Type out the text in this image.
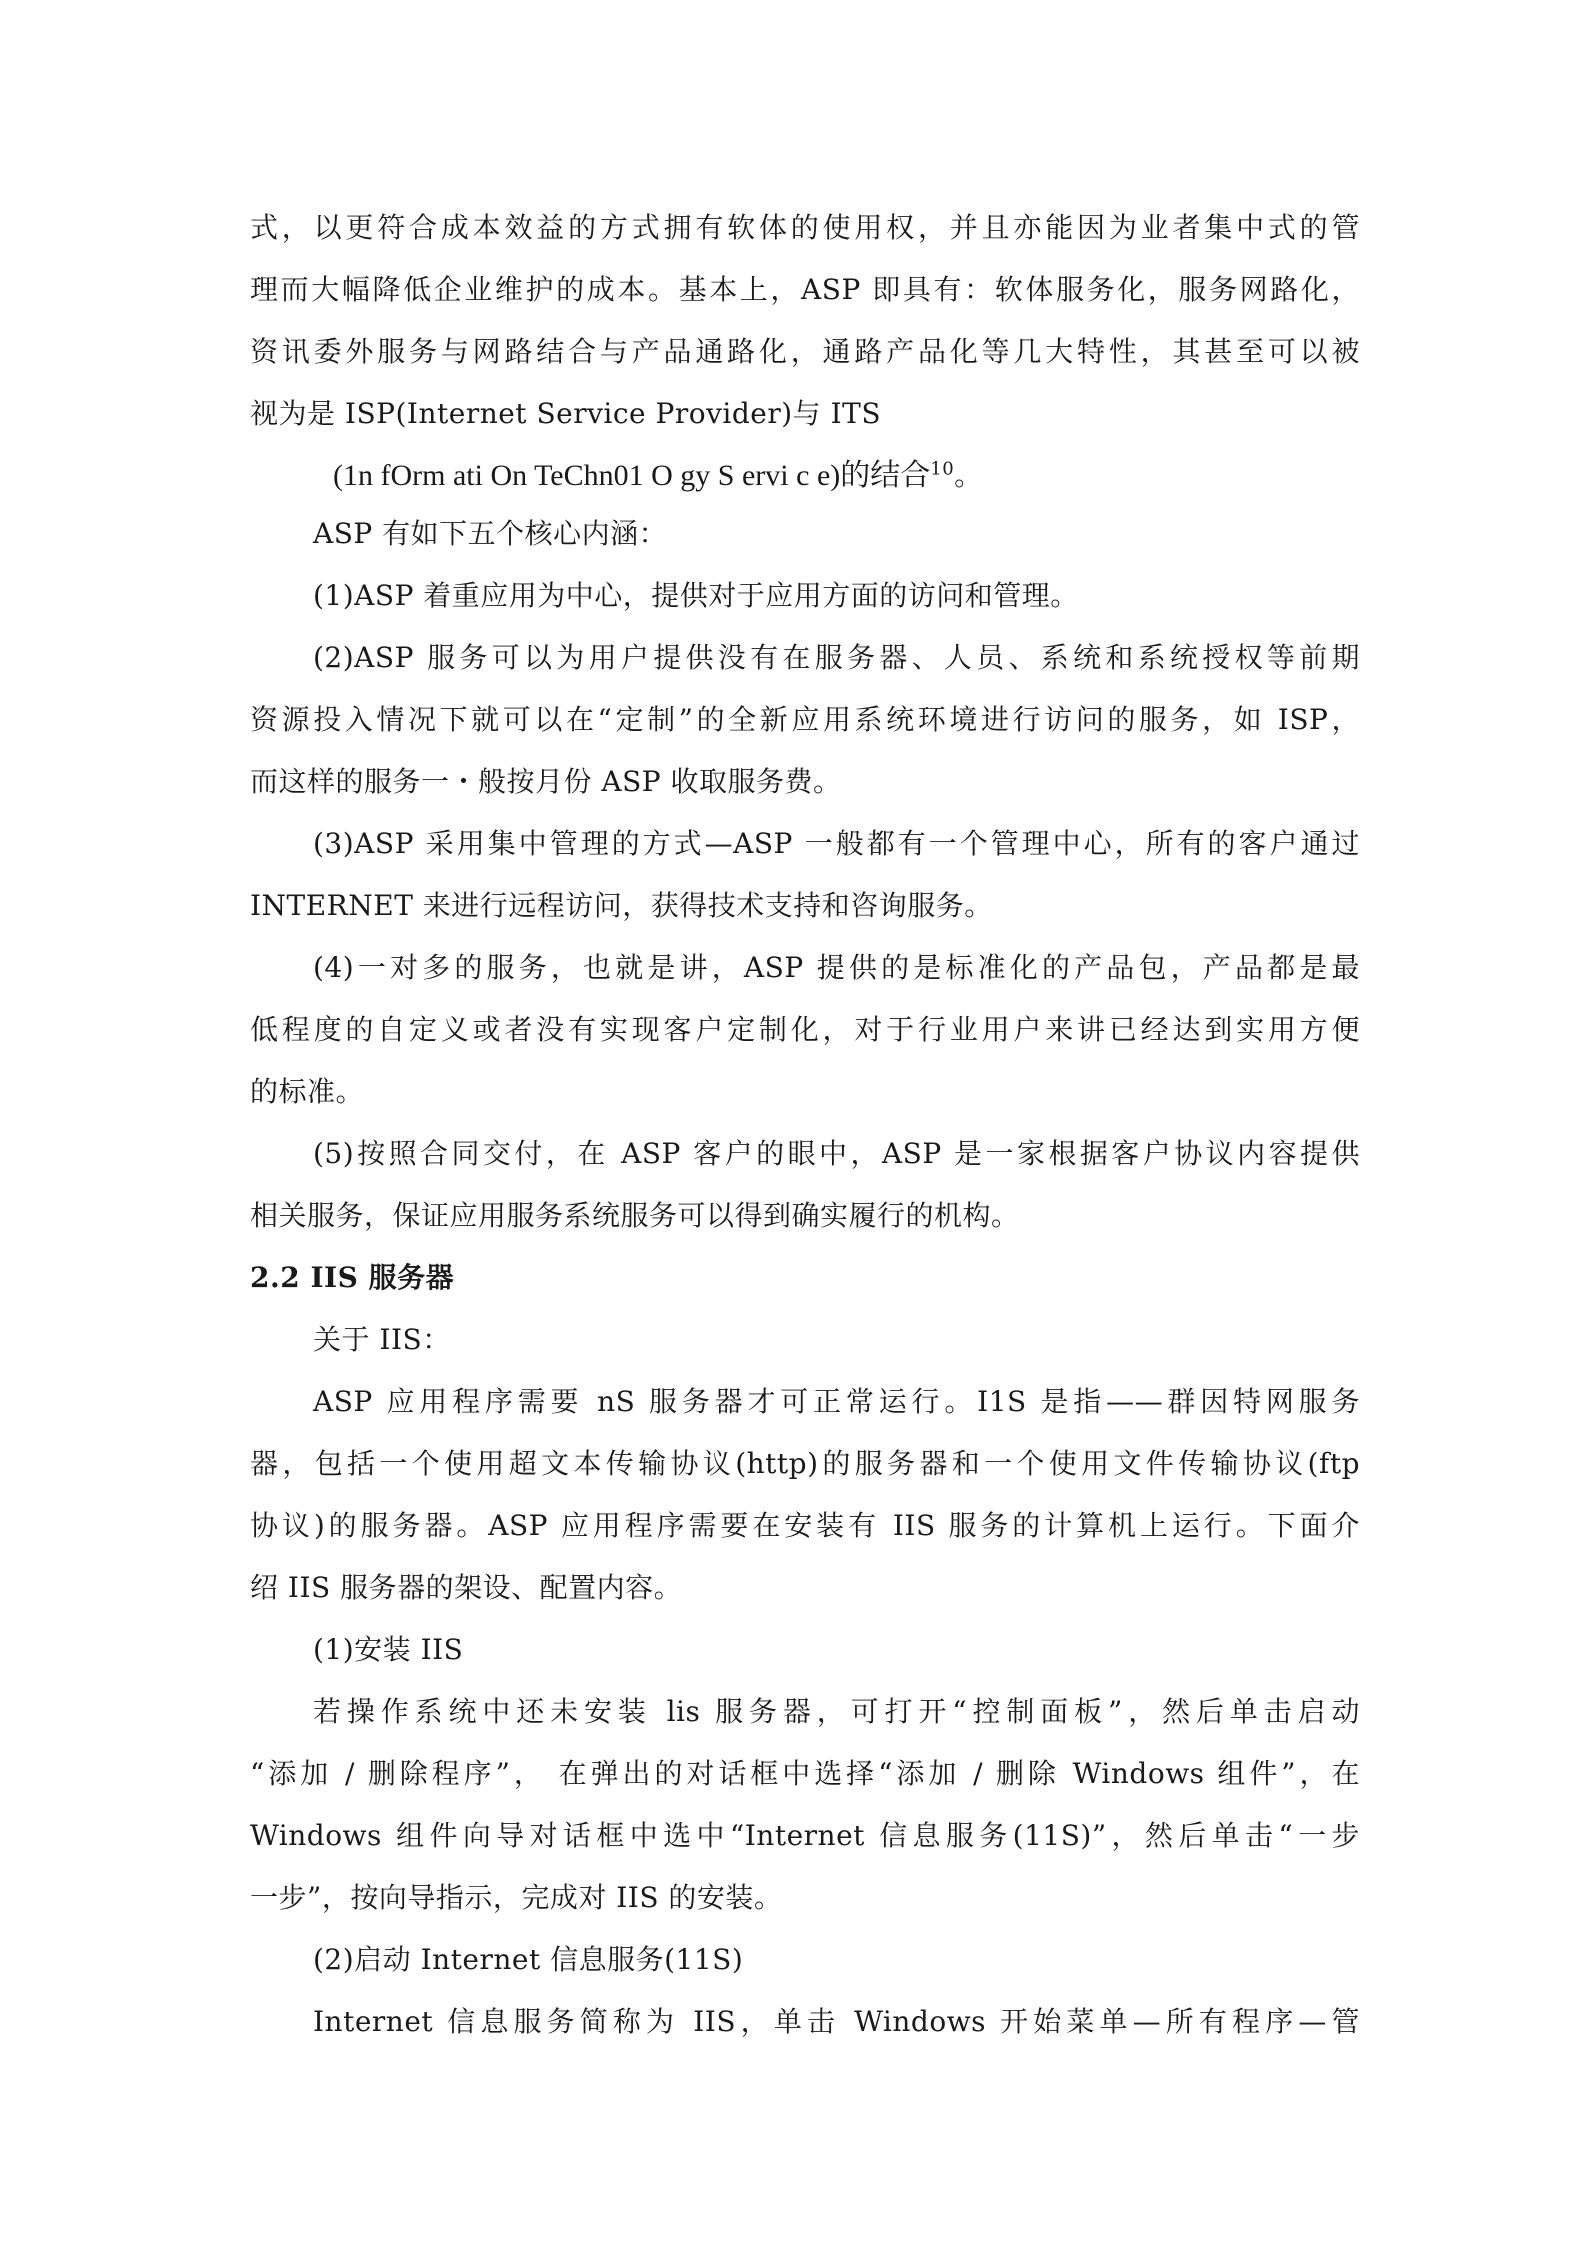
式，以更符合成本效益的方式拥有软体的使用权，并且亦能因为业者集中式的管
理而大幅降低企业维护的成本。基本上，ASP 即具有：软体服务化，服务网路化，
资讯委外服务与网路结合与产品通路化，通路产品化等几大特性，其甚至可以被
视为是 ISP(Internet Service Provider)与 ITS
(1n fOrm ati On TeChn01 O gy S ervi c e)的结合$^{10}$。
ASP 有如下五个核心内涵：
(1)ASP 着重应用为中心，提供对于应用方面的访问和管理。
(2)ASP 服务可以为用户提供没有在服务器、人员、系统和系统授权等前期
资源投入情况下就可以在“定制”的全新应用系统环境进行访问的服务，如 ISP，
而这样的服务一・般按月份 ASP 收取服务费。
(3)ASP 采用集中管理的方式—ASP 一般都有一个管理中心，所有的客户通过
INTERNET 来进行远程访问，获得技术支持和咨询服务。
(4)一对多的服务，也就是讲，ASP 提供的是标准化的产品包，产品都是最
低程度的自定义或者没有实现客户定制化，对于行业用户来讲已经达到实用方便
的标准。
(5)按照合同交付，在 ASP 客户的眼中，ASP 是一家根据客户协议内容提供
相关服务，保证应用服务系统服务可以得到确实履行的机构。
2.2 IIS 服务器
关于 IIS：
ASP 应用程序需要 nS 服务器才可正常运行。I1S 是指——群因特网服务
器，包括一个使用超文本传输协议(http)的服务器和一个使用文件传输协议(ftp
协议)的服务器。ASP 应用程序需要在安装有 IIS 服务的计算机上运行。下面介
绍 IIS 服务器的架设、配置内容。
(1)安装 IIS
若操作系统中还未安装 lis 服务器，可打开“控制面板”，然后单击启动
“添加 / 删除程序”， 在弹出的对话框中选择“添加 / 删除 Windows 组件”，在
Windows 组件向导对话框中选中“Internet 信息服务(11S)”，然后单击“一步
一步”，按向导指示，完成对 IIS 的安装。
(2)启动 Internet 信息服务(11S)
Internet 信息服务简称为 IIS，单击 Windows 开始菜单—所有程序—管
